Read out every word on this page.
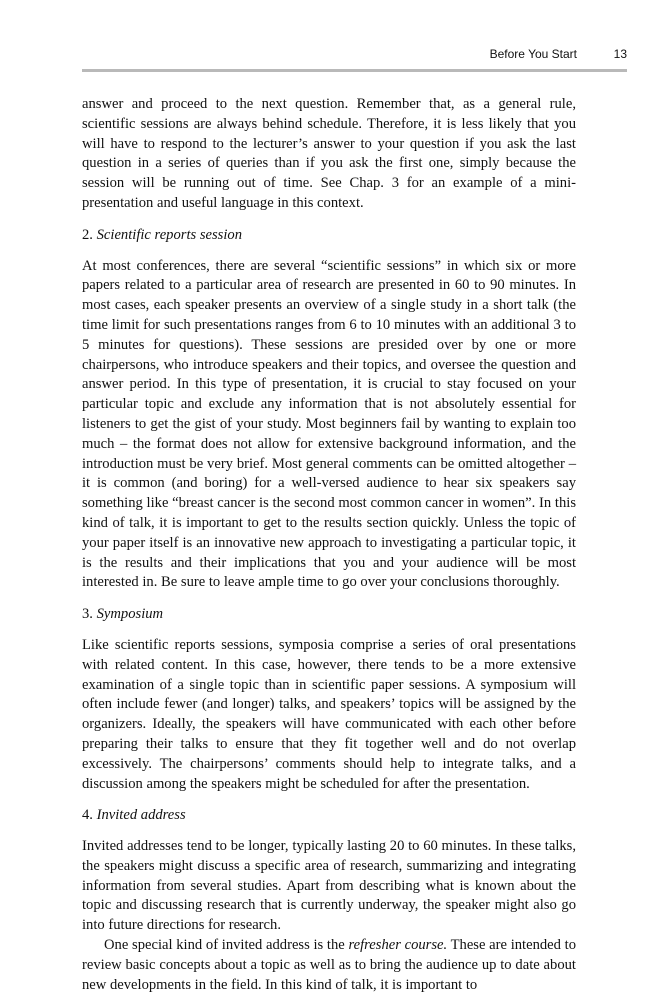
Before You Start	13

answer and proceed to the next question. Remember that, as a general rule, scientific sessions are always behind schedule. Therefore, it is less likely that you will have to respond to the lecturer’s answer to your question if you ask the last question in a series of queries than if you ask the first one, simply because the session will be running out of time. See Chap. 3 for an example of a mini-presentation and useful language in this context.

2. Scientific reports session

At most conferences, there are several “scientific sessions” in which six or more papers related to a particular area of research are presented in 60 to 90 minutes. In most cases, each speaker presents an overview of a single study in a short talk (the time limit for such presentations ranges from 6 to 10 minutes with an additional 3 to 5 minutes for questions). These sessions are presided over by one or more chairpersons, who introduce speakers and their topics, and oversee the question and answer period. In this type of presentation, it is crucial to stay focused on your particular topic and exclude any information that is not absolutely essential for listeners to get the gist of your study. Most beginners fail by wanting to explain too much – the format does not allow for extensive background information, and the introduction must be very brief. Most general comments can be omitted altogether – it is common (and boring) for a well-versed audience to hear six speakers say something like “breast cancer is the second most common cancer in women”. In this kind of talk, it is important to get to the results section quickly. Unless the topic of your paper itself is an innovative new approach to investigating a particular topic, it is the results and their implications that you and your audience will be most interested in. Be sure to leave ample time to go over your conclusions thoroughly.

3. Symposium

Like scientific reports sessions, symposia comprise a series of oral presentations with related content. In this case, however, there tends to be a more extensive examination of a single topic than in scientific paper sessions. A symposium will often include fewer (and longer) talks, and speakers’ topics will be assigned by the organizers. Ideally, the speakers will have communicated with each other before preparing their talks to ensure that they fit together well and do not overlap excessively. The chairpersons’ comments should help to integrate talks, and a discussion among the speakers might be scheduled for after the presentation.

4. Invited address

Invited addresses tend to be longer, typically lasting 20 to 60 minutes. In these talks, the speakers might discuss a specific area of research, summarizing and integrating information from several studies. Apart from describing what is known about the topic and discussing research that is currently underway, the speaker might also go into future directions for research.

One special kind of invited address is the refresher course. These are intended to review basic concepts about a topic as well as to bring the audience up to date about new developments in the field. In this kind of talk, it is important to
